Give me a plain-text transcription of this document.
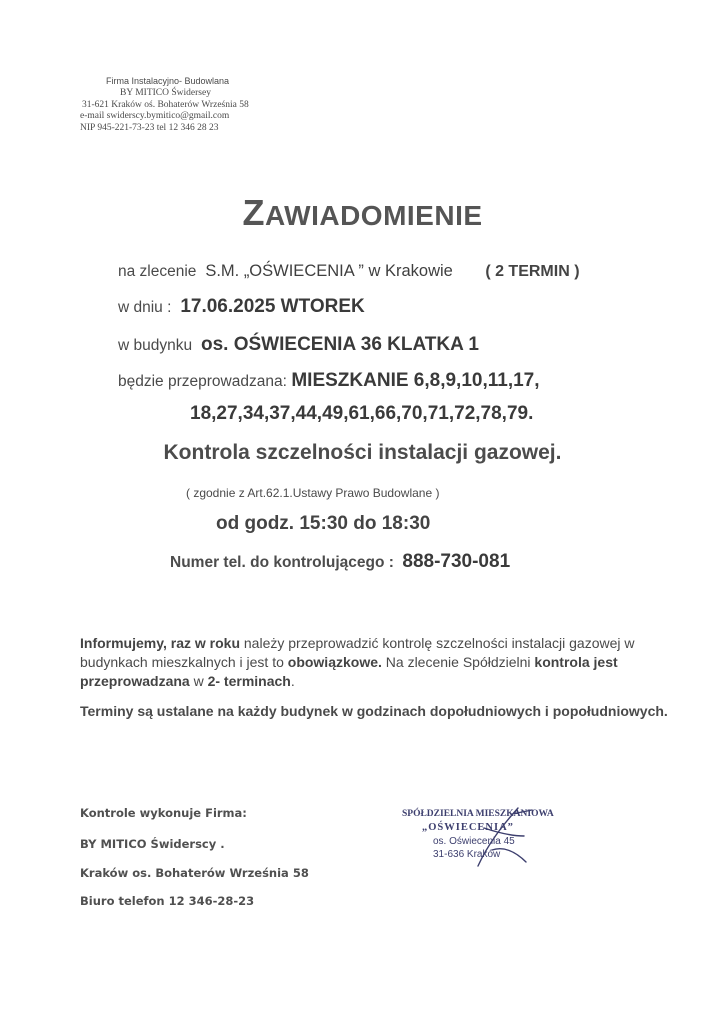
Firma Instalacyjno- Budowlana
BY MITICO Świdersey
31-621 Kraków oś. Bohaterów Września 58
e-mail swiderscy.bymitico@gmail.com
NIP 945-221-73-23 tel 12 346 28 23
ZAWIADOMIENIE
na zlecenie S.M. „OŚWIECENIA ” w Krakowie ( 2 TERMIN )
w dniu : 17.06.2025 WTOREK
w budynku os. OŚWIECENIA 36 KLATKA 1
będzie przeprowadzana: MIESZKANIE 6,8,9,10,11,17,
18,27,34,37,44,49,61,66,70,71,72,78,79.
Kontrola szczelności instalacji gazowej.
( zgodnie z Art.62.1.Ustawy Prawo Budowlane )
od godz. 15:30 do 18:30
Numer tel. do kontrolującego : 888-730-081

Informujemy, raz w roku należy przeprowadzić kontrolę szczelności instalacji gazowej w budynkach mieszkalnych i jest to obowiązkowe. Na zlecenie Spółdzielni kontrola jest przeprowadzana w 2- terminach.

Terminy są ustalane na każdy budynek w godzinach dopołudniowych i popołudniowych.

Kontrole wykonuje Firma:
BY MITICO Świderscy .
Kraków os. Bohaterów Września 58
Biuro telefon 12 346-28-23
SPÓŁDZIELNIA MIESZKANIOWA
„OŚWIECENIA”
os. Oświecenia 45
31-636 Kraków
